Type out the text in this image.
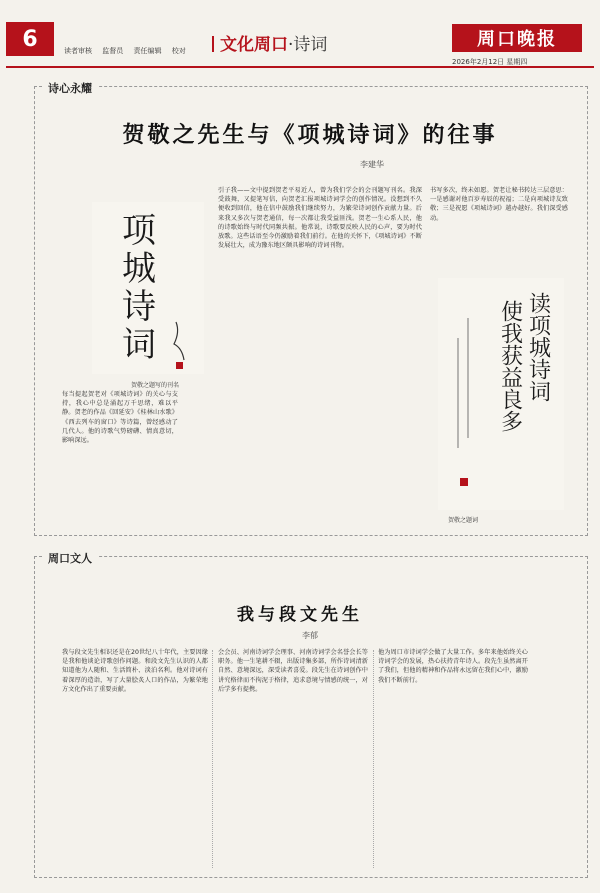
6	读者审核 监督员 责任编辑 校对	文化周口·诗词	周口晚报
2026年2月12日 星期四
诗心永耀
贺敬之先生与《项城诗词》的往事
李建华
项
城
诗
词
贺敬之题写的刊名
每当提起贺老对《项城诗词》的关心与支持，我心中总是涌起万千思绪，难以平静。贺老的作品《回延安》《桂林山水歌》《西去列车的窗口》等诗篇，曾经感动了几代人。他的诗歌气势磅礴、情真意切，影响深远。
引子我——文中提到贺老平易近人，曾为我们学会的会刊题写刊名。我深受鼓舞，又提笔写信，向贺老汇报项城诗词学会的创作情况。没想到不久便收到回信，他在信中鼓励我们继续努力，为繁荣诗词创作贡献力量。后来我又多次与贺老通信，每一次都让我受益匪浅。贺老一生心系人民，他的诗歌始终与时代同频共振。他常说，诗歌要反映人民的心声，要为时代放歌。这些话语至今仍激励着我们前行。在他的关怀下，《项城诗词》不断发展壮大，成为豫东地区颇具影响的诗词刊物。
书写多次，终未如愿。贺老让秘书转达三层意思：一是感谢对他百岁寿辰的祝福；二是向项城诗友致敬；三是祝愿《项城诗词》越办越好。我们深受感动。
读项城诗词
使我获益良多
贺敬之题词
周口文人
我与段文先生
李郁
我与段文先生相识还是在20世纪八十年代，主要因缘是我和他谈论诗歌创作问题。和段文先生认识的人都知道他为人随和、生活简朴、淡泊名利。他对诗词有着深厚的造诣，写了大量脍炙人口的作品，为繁荣地方文化作出了重要贡献。
会会员、河南诗词学会理事、河南诗词学会名誉会长等职务。他一生笔耕不辍，出版诗集多部，所作诗词清新自然、意境深远，深受读者喜爱。段先生在诗词创作中讲究格律而不拘泥于格律，追求意境与情感的统一，对后学多有提携。
他为周口市诗词学会做了大量工作。多年来他始终关心诗词学会的发展，热心扶持青年诗人。段先生虽然离开了我们，但他的精神和作品将永远留在我们心中，激励我们不断前行。
